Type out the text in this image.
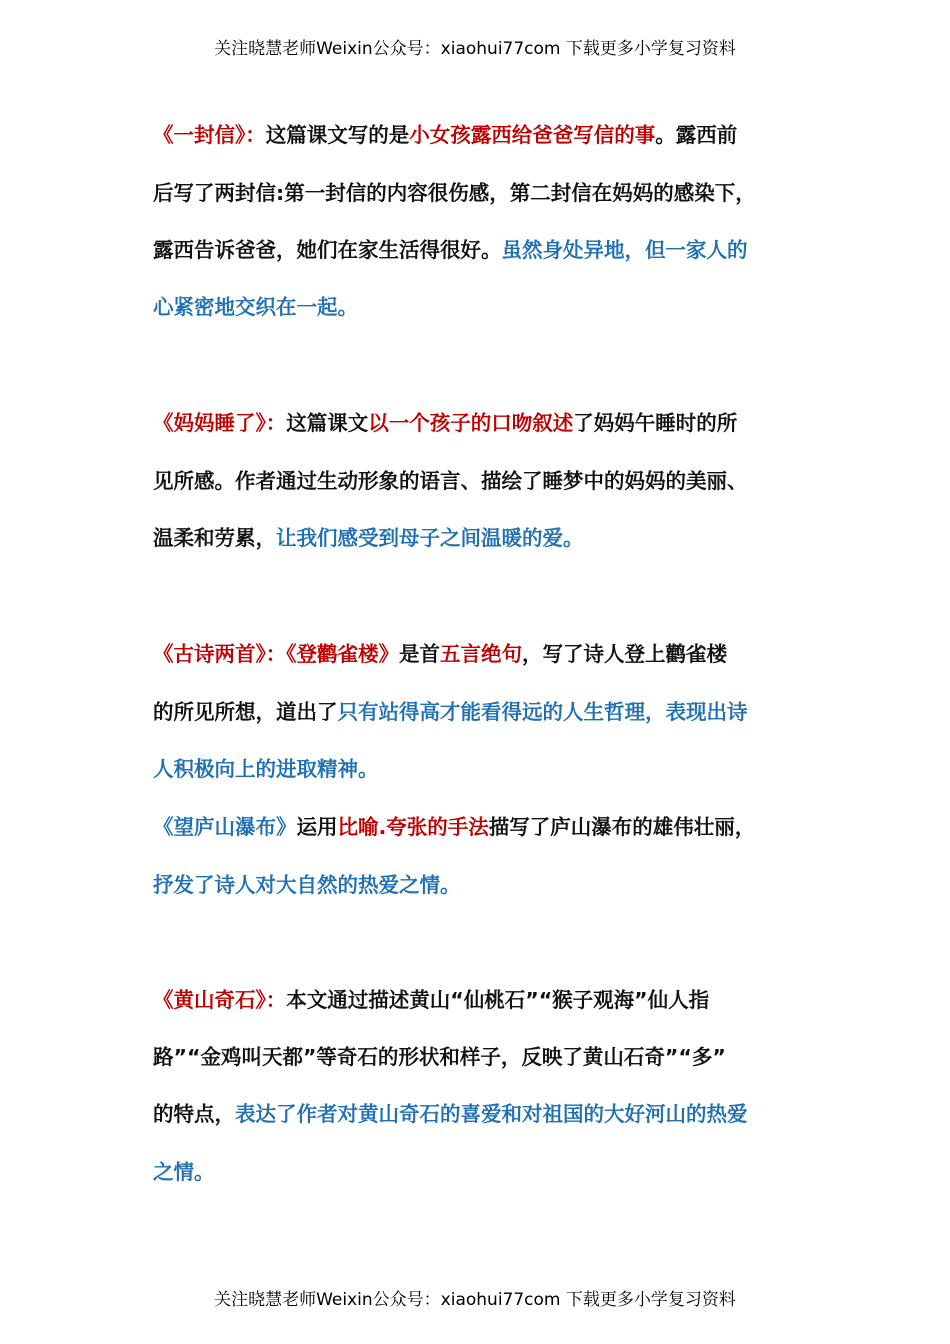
关注晓慧老师Weixin公众号：xiaohui77com 下载更多小学复习资料
《一封信》：这篇课文写的是小女孩露西给爸爸写信的事。露西前
后写了两封信:第一封信的内容很伤感，第二封信在妈妈的感染下，
露西告诉爸爸，她们在家生活得很好。虽然身处异地，但一家人的
心紧密地交织在一起。
《妈妈睡了》：这篇课文以一个孩子的口吻叙述了妈妈午睡时的所
见所感。作者通过生动形象的语言、描绘了睡梦中的妈妈的美丽、
温柔和劳累，让我们感受到母子之间温暖的爱。
《古诗两首》：《登鹳雀楼》是首五言绝句，写了诗人登上鹳雀楼
的所见所想，道出了只有站得高才能看得远的人生哲理，表现出诗
人积极向上的进取精神。
《望庐山瀑布》运用比喻.夸张的手法描写了庐山瀑布的雄伟壮丽，
抒发了诗人对大自然的热爱之情。
《黄山奇石》：本文通过描述黄山“仙桃石”“猴子观海”仙人指
路”“金鸡叫天都”等奇石的形状和样子，反映了黄山石奇”“多”
的特点，表达了作者对黄山奇石的喜爱和对祖国的大好河山的热爱
之情。
关注晓慧老师Weixin公众号：xiaohui77com 下载更多小学复习资料
